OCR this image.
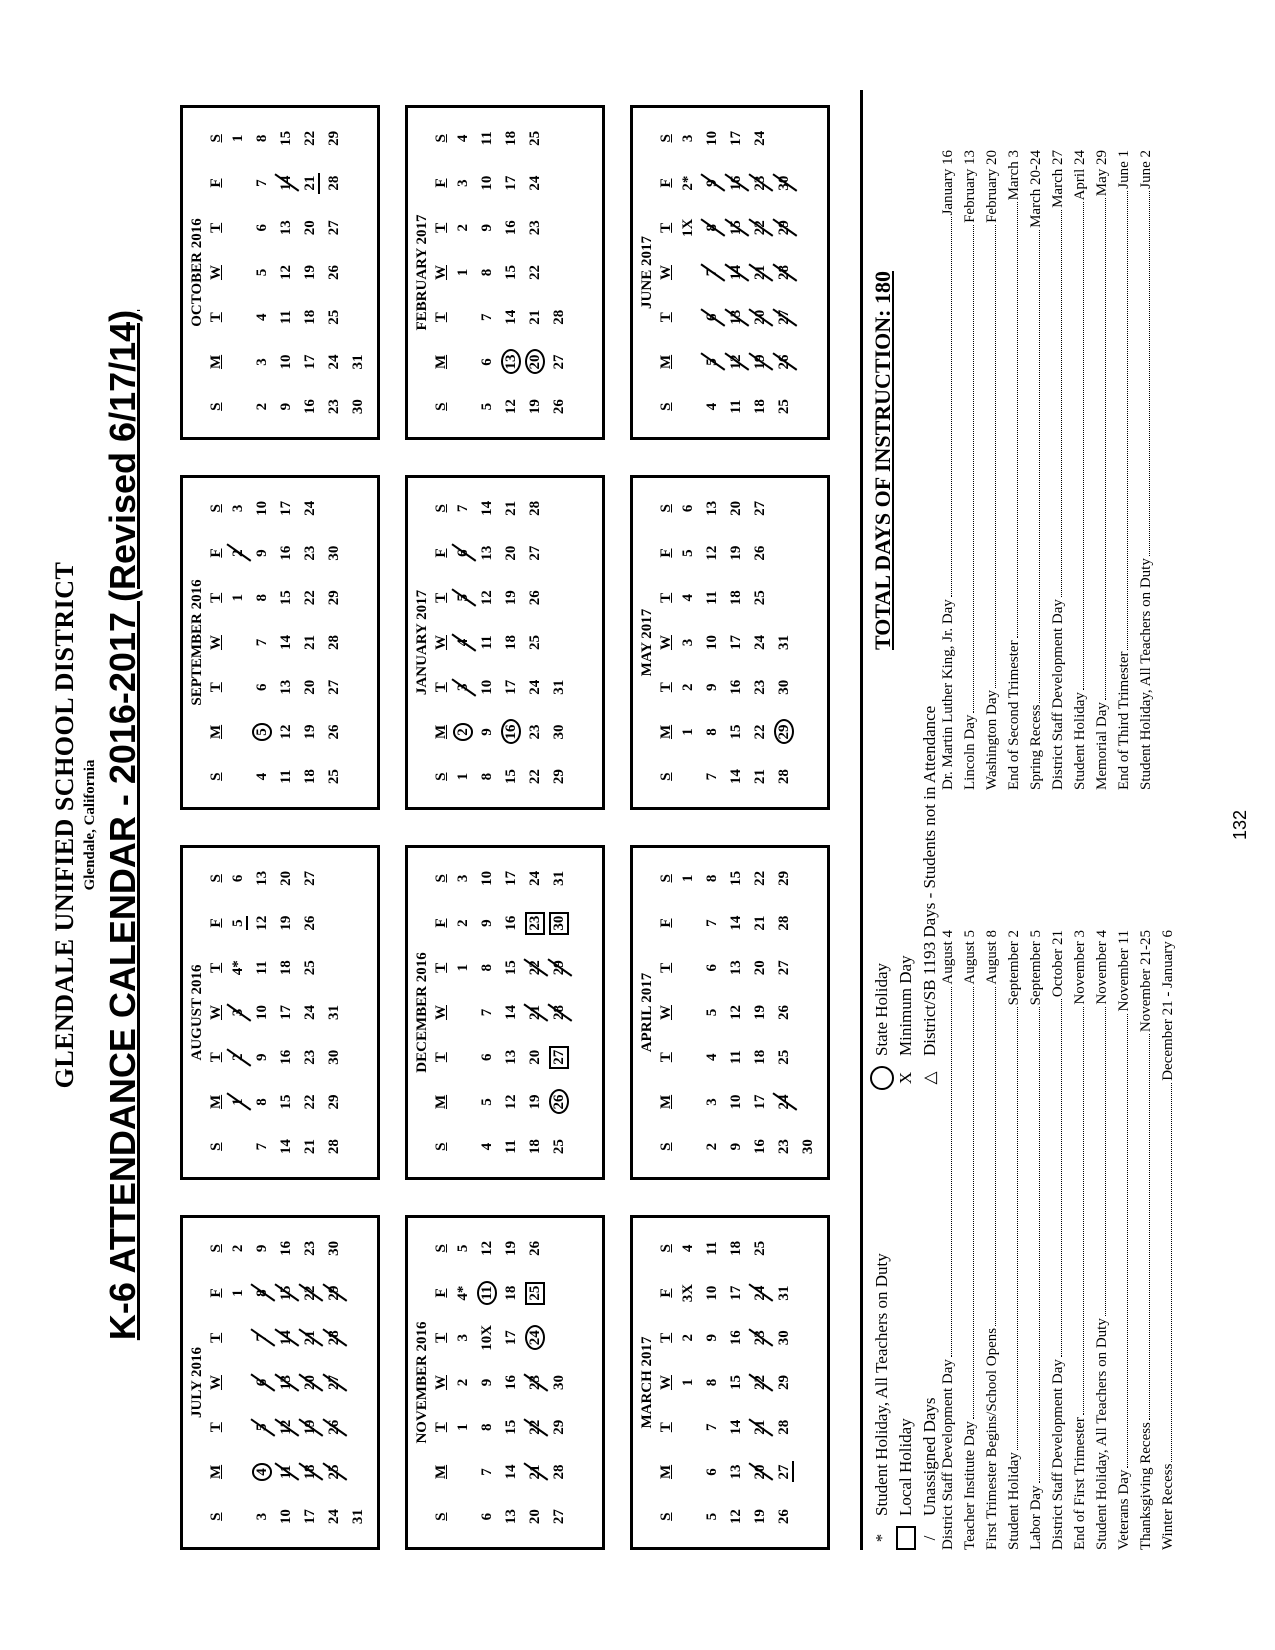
GLENDALE UNIFIED SCHOOL DISTRICT Glendale, California K-6 ATTENDANCE CALENDAR - 2016-2017 (Revised 6/17/14)
JULY 2016
S
M
T
W
T
F
S
1
2
3
4
5
6
7
8
9
10
11
12
13
14
15
16
17
18
19
20
21
22
23
24
25
26
27
28
29
30
31
AUGUST 2016
S
M
T
W
T
F
S
1
2
3
4*
5
6
7
8
9
10
11
12
13
14
15
16
17
18
19
20
21
22
23
24
25
26
27
28
29
30
31
SEPTEMBER 2016
S
M
T
W
T
F
S
1
2
3
4
5
6
7
8
9
10
11
12
13
14
15
16
17
18
19
20
21
22
23
24
25
26
27
28
29
30
OCTOBER 2016
S
M
T
W
T
F
S 1
2
3
4
5
6
7
8
9
10
11
12
13
14
15
16
17
18
19
20
21
22
23
24
25
26
27
28
29
30
31
NOVEMBER 2016
S
M
T
W
T
F
S
1
2
3
4*
5
6
7
8
9
10X
11
12
13
14
15
16
17
18
19
20
21
22
23
24
25
26
27
28
29
30
DECEMBER 2016
S
M
T
W
T
F
S
1
2
3
4
5
6
7
8
9
10
11
12
13
14
15
16
17
18
19
20
21
22
23
24
25
26
27
28
29
30
31
JANUARY 2017
S
M
T
W
T
F
S
1
2
3
4
5
6
7
8
9
10
11
12
13
14
15
16
17
18
19
20
21
22
23
24
25
26
27
28
29
30
31
FEBRUARY 2017
S
M
T
W
T
F
S
1
2
3
4
5
6
7
8
9
10
11
12
13
14
15
16
17
18
19
20
21
22
23
24
25
26
27
28
MARCH 2017
S
M
T
W
T
F
S
1
2
3X
4
5
6
7
8
9
10
11
12
13
14
15
16
17
18
19
20
21
22
23
24
25
26
27
28
29
30
31
APRIL 2017
S
M
T
W
T
F
S 1
2
3
4
5
6
7
8
9
10
11
12
13
14
15
16
17
18
19
20
21
22
23
24
25
26
27
28
29
30
MAY 2017
S
M
T
W
T
F
S
1
2
3
4
5
6
7
8
9
10
11
12
13
14
15
16
17
18
19
20
21
22
23
24
25
26
27
28
29
30
31
JUNE 2017
S
M
T
W
T
F
S
1X
2*
3
4
5
6
7
8
9
10
11
12
13
14
15
16
17
18
19
20
21
22
23
24
25
26
27
28
29
30
*
Student Holiday, All Teachers on Duty Local Holiday
/
Unassigned Days
State Holiday
X
Minimum Day
△
District/SB 1193 Days - Students not in Attendance
District Staff Development Day
August 4
Teacher Institute Day
August 5
First Trimester Begins/School Opens
August 8
Student Holiday
September 2
Labor Day
September 5
District Staff Development Day
October 21
End of First Trimester
November 3
Student Holiday, All Teachers on Duty
November 4
Veterans Day
November 11
Thanksgiving Recess
November 21-25
Winter Recess
December 21 - January 6
Dr. Martin Luther King, Jr. Day
January 16
Lincoln Day
February 13
Washington Day
February 20
End of Second Trimester
March 3
Spring Recess
March 20-24
District Staff Development Day
March 27
Student Holiday
April 24
Memorial Day
May 29
End of Third Trimester
June 1
Student Holiday, All Teachers on Duty
June 2
TOTAL DAYS OF INSTRUCTION: 180
132
